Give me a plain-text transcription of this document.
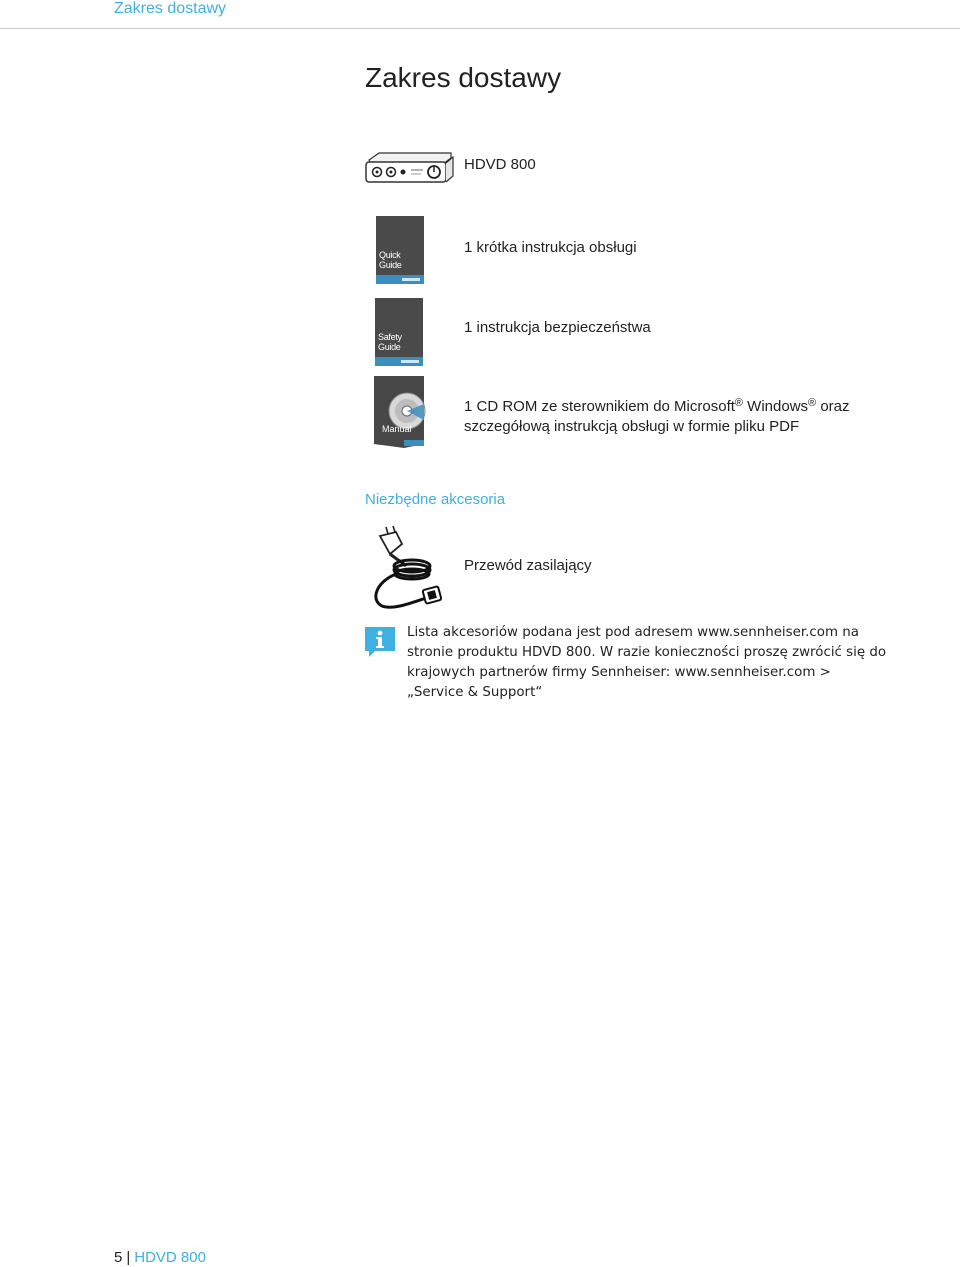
Zakres dostawy
Zakres dostawy
HDVD 800
Quick Guide
1 krótka instrukcja obsługi
Safety Guide
1 instrukcja bezpieczeństwa
Manual
1 CD ROM ze sterownikiem do Microsoft® Windows® oraz
szczegółową instrukcją obsługi w formie pliku PDF
Niezbędne akcesoria
Przewód zasilający
Lista akcesoriów podana jest pod adresem www.sennheiser.com na stronie produktu HDVD 800. W razie konieczności proszę zwrócić się do krajowych partnerów firmy Sennheiser: www.sennheiser.com > „Service & Support“
5 | HDVD 800
